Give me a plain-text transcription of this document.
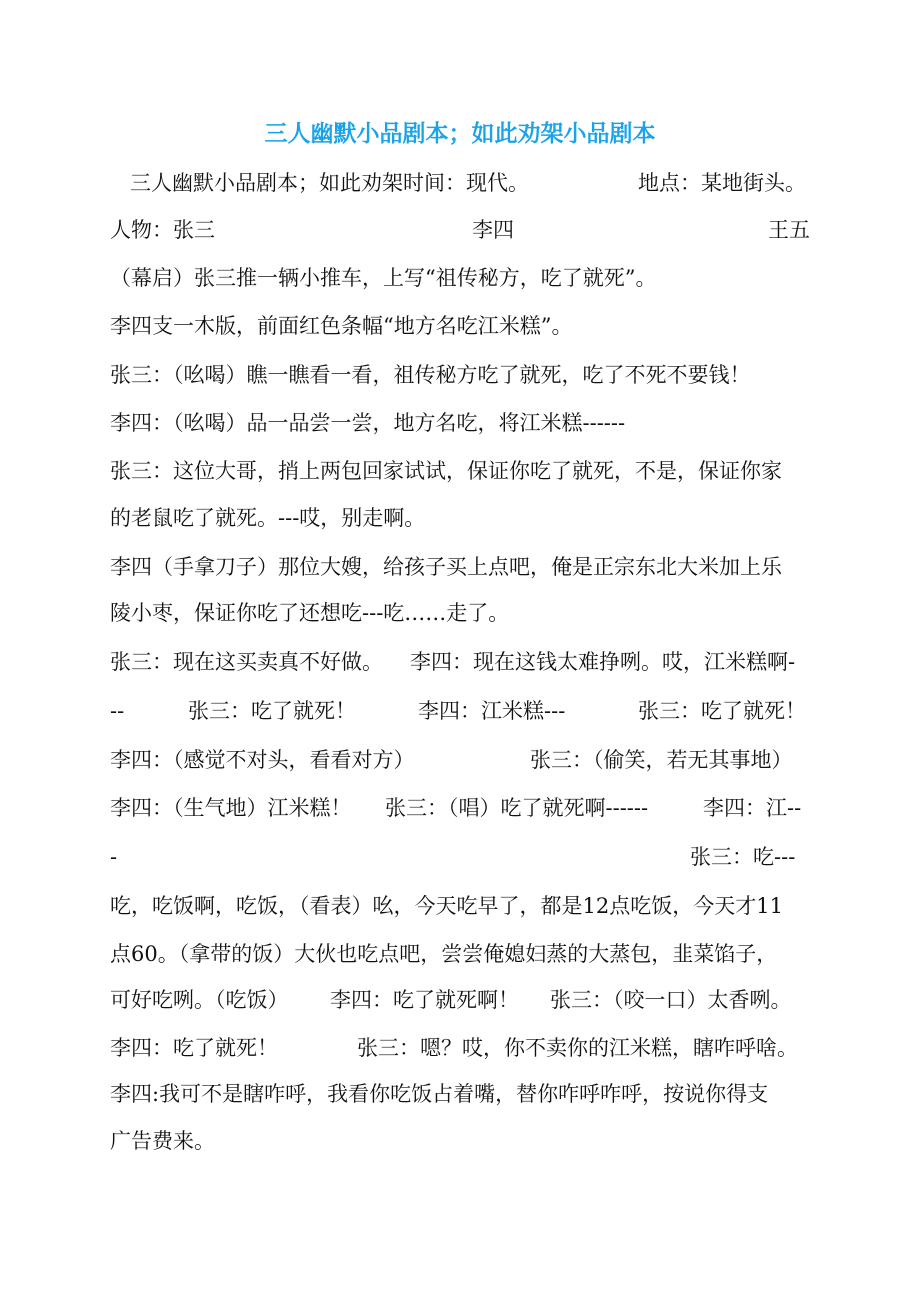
三人幽默小品剧本；如此劝架小品剧本
三人幽默小品剧本；如此劝架时间：现代。	地点：某地街头。
人物：张三	李四	王五
（幕启）张三推一辆小推车，上写“祖传秘方，吃了就死”。
李四支一木版，前面红色条幅“地方名吃江米糕”。
张三：（吆喝）瞧一瞧看一看，祖传秘方吃了就死，吃了不死不要钱！
李四：（吆喝）品一品尝一尝，地方名吃，将江米糕------
张三：这位大哥，捎上两包回家试试，保证你吃了就死，不是，保证你家
的老鼠吃了就死。---哎，别走啊。
李四（手拿刀子）那位大嫂，给孩子买上点吧，俺是正宗东北大米加上乐
陵小枣，保证你吃了还想吃---吃……走了。
张三：现在这买卖真不好做。 李四：现在这钱太难挣咧。哎，江米糕啊-
--	张三：吃了就死！	李四：江米糕---	张三：吃了就死！
李四：（感觉不对头，看看对方）	张三：（偷笑，若无其事地）
李四：（生气地）江米糕！ 张三：（唱）吃了就死啊------	李四：江--
-	张三：吃---
吃，吃饭啊，吃饭，（看表）吆，今天吃早了，都是12点吃饭，今天才11
点60。（拿带的饭）大伙也吃点吧，尝尝俺媳妇蒸的大蒸包，韭菜馅子，
可好吃咧。（吃饭） 李四：吃了就死啊！ 张三：（咬一口）太香咧。
李四：吃了就死！	张三：嗯？哎，你不卖你的江米糕，瞎咋呼啥。
李四:我可不是瞎咋呼，我看你吃饭占着嘴，替你咋呼咋呼，按说你得支
广告费来。
